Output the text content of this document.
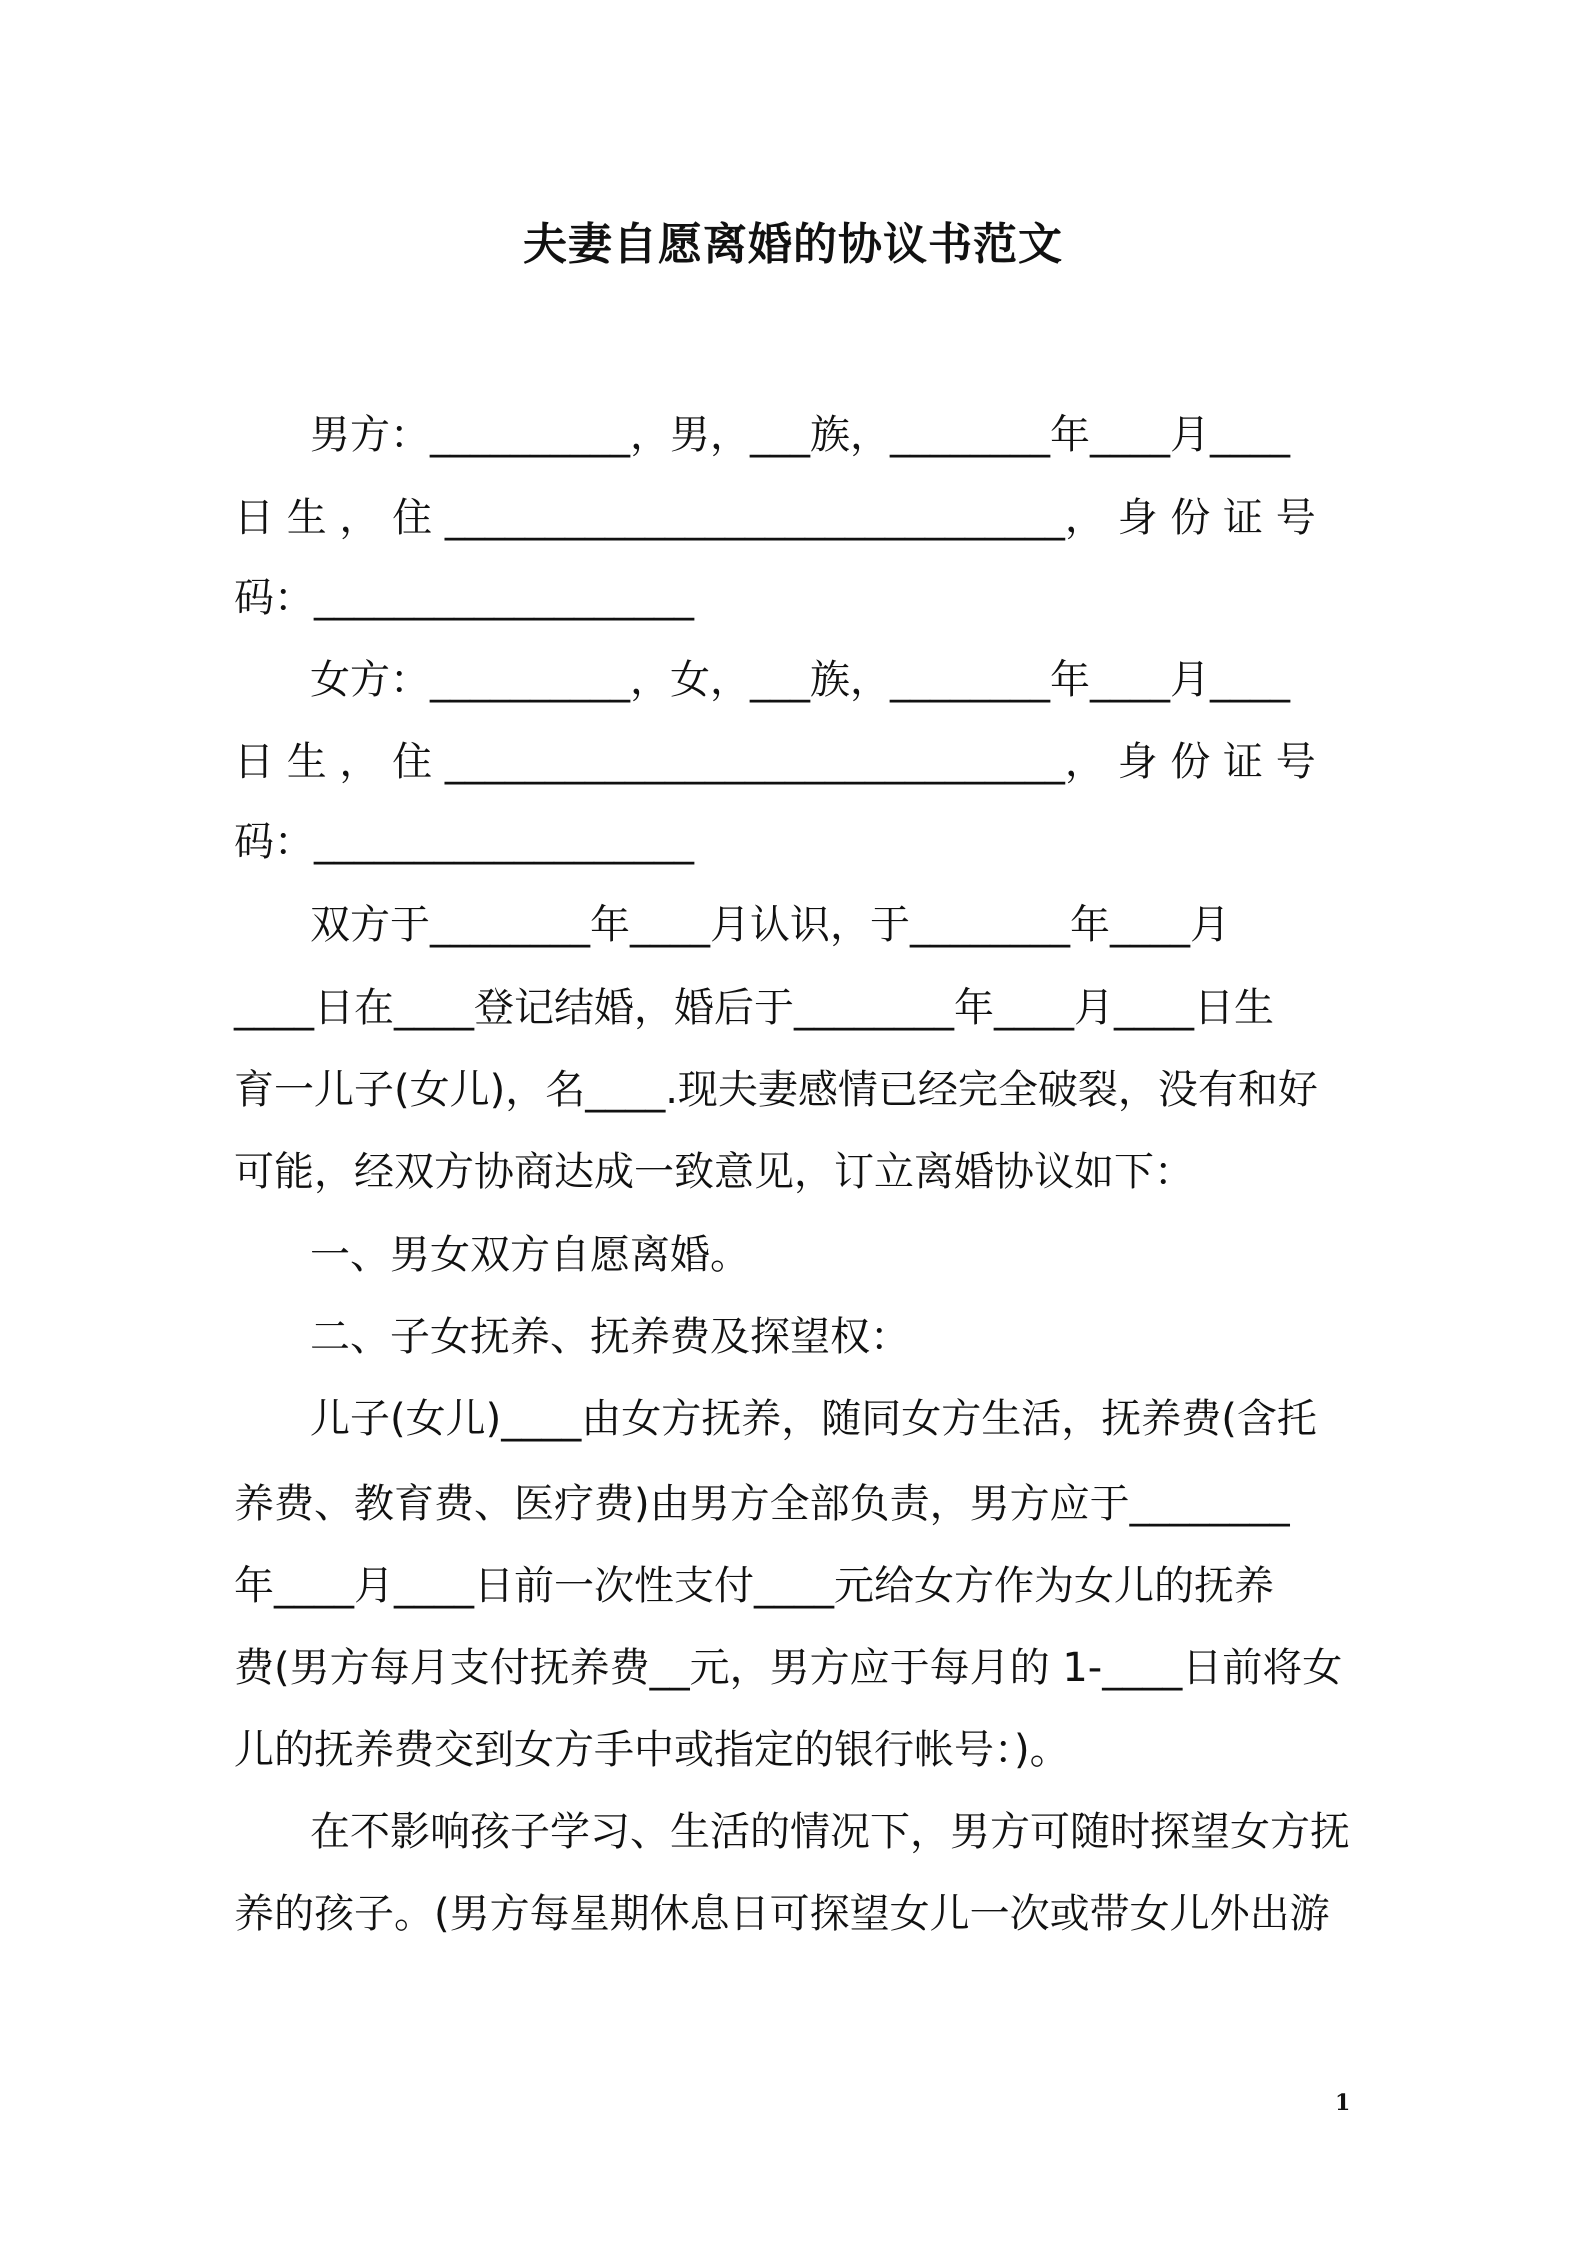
夫妻自愿离婚的协议书范文
男方：__________，男，___族，________年____月____
日 生 ， 住 _______________________________， 身 份 证 号
码：___________________
女方：__________，女，___族，________年____月____
日 生 ， 住 _______________________________， 身 份 证 号
码：___________________
双方于________年____月认识，于________年____月
____日在____登记结婚，婚后于________年____月____日生
育一儿子(女儿)，名____.现夫妻感情已经完全破裂，没有和好
可能，经双方协商达成一致意见，订立离婚协议如下：
一、男女双方自愿离婚。
二、子女抚养、抚养费及探望权：
儿子(女儿)____由女方抚养，随同女方生活，抚养费(含托
养费、教育费、医疗费)由男方全部负责，男方应于________
年____月____日前一次性支付____元给女方作为女儿的抚养
费(男方每月支付抚养费__元，男方应于每月的 1-____日前将女
儿的抚养费交到女方手中或指定的银行帐号：)。
在不影响孩子学习、生活的情况下，男方可随时探望女方抚
养的孩子。(男方每星期休息日可探望女儿一次或带女儿外出游
1
